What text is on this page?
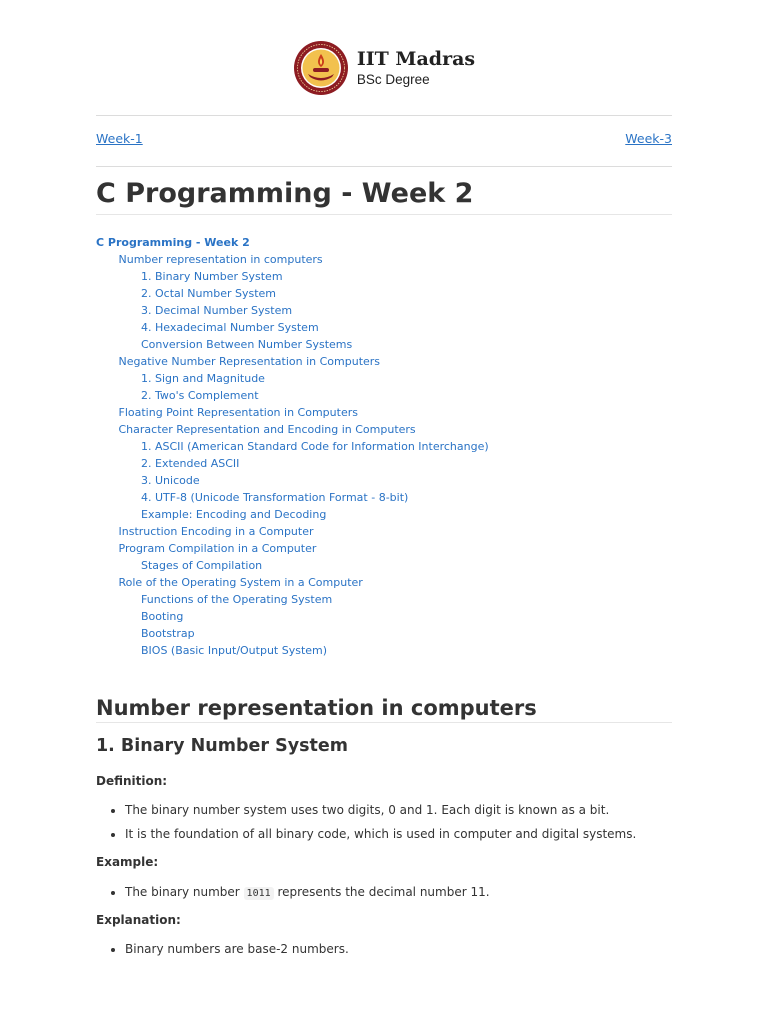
IIT Madras
BSc Degree
Week-1	Week-3
C Programming - Week 2
C Programming - Week 2
Number representation in computers
1. Binary Number System
2. Octal Number System
3. Decimal Number System
4. Hexadecimal Number System
Conversion Between Number Systems
Negative Number Representation in Computers
1. Sign and Magnitude
2. Two's Complement
Floating Point Representation in Computers
Character Representation and Encoding in Computers
1. ASCII (American Standard Code for Information Interchange)
2. Extended ASCII
3. Unicode
4. UTF-8 (Unicode Transformation Format - 8-bit)
Example: Encoding and Decoding
Instruction Encoding in a Computer
Program Compilation in a Computer
Stages of Compilation
Role of the Operating System in a Computer
Functions of the Operating System
Booting
Bootstrap
BIOS (Basic Input/Output System)
Number representation in computers
1. Binary Number System

Definition:

• The binary number system uses two digits, 0 and 1. Each digit is known as a bit.
• It is the foundation of all binary code, which is used in computer and digital systems.

Example:

• The binary number 1011 represents the decimal number 11.

Explanation:

• Binary numbers are base-2 numbers.
